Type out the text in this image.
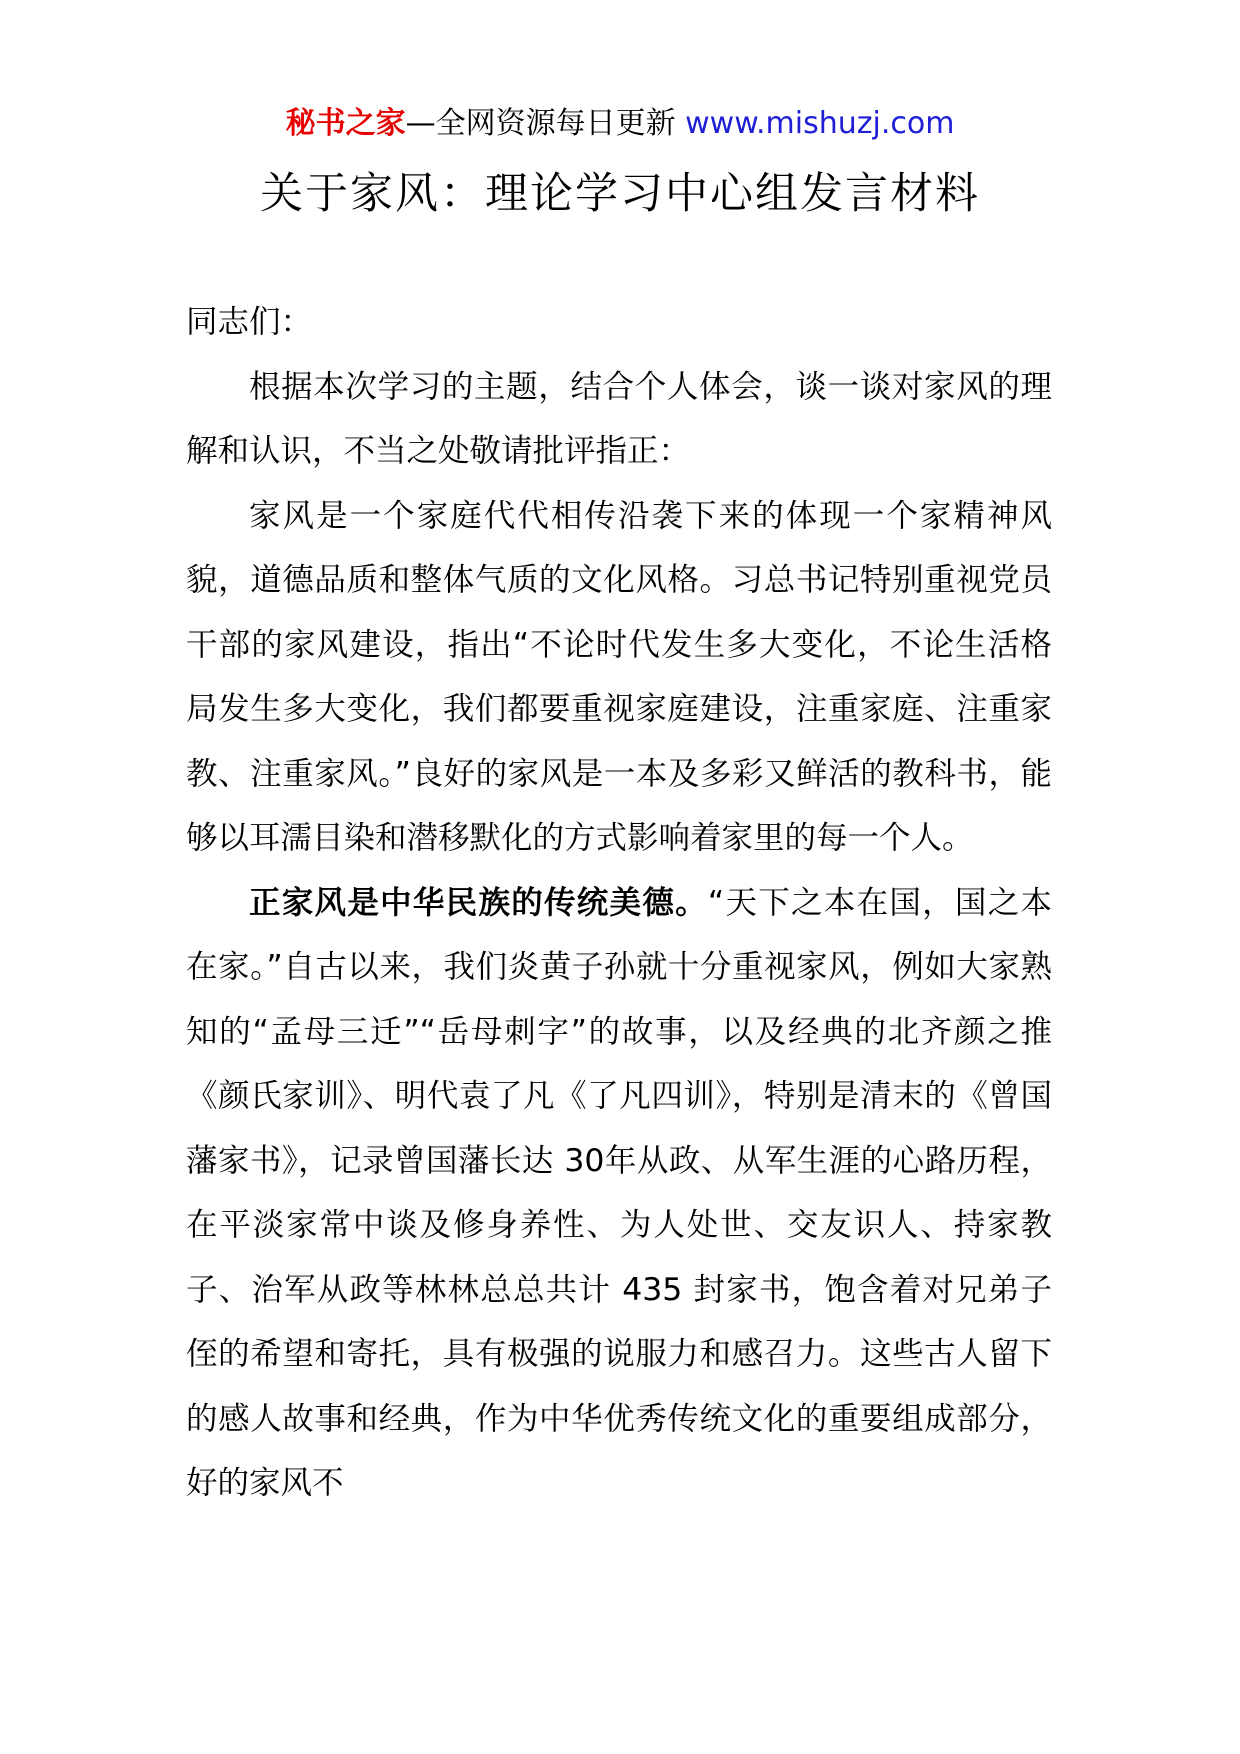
秘书之家—全网资源每日更新 www.mishuzj.com
关于家风：理论学习中心组发言材料

同志们：

根据本次学习的主题，结合个人体会，谈一谈对家风的理解和认识，不当之处敬请批评指正：

家风是一个家庭代代相传沿袭下来的体现一个家精神风貌，道德品质和整体气质的文化风格。习总书记特别重视党员干部的家风建设，指出“不论时代发生多大变化，不论生活格局发生多大变化，我们都要重视家庭建设，注重家庭、注重家教、注重家风。”良好的家风是一本及多彩又鲜活的教科书，能够以耳濡目染和潜移默化的方式影响着家里的每一个人。

正家风是中华民族的传统美德。“天下之本在国，国之本在家。”自古以来，我们炎黄子孙就十分重视家风，例如大家熟知的“孟母三迁”“岳母刺字”的故事，以及经典的北齐颜之推《颜氏家训》、明代袁了凡《了凡四训》，特别是清末的《曾国藩家书》，记录曾国藩长达 30年从政、从军生涯的心路历程，在平淡家常中谈及修身养性、为人处世、交友识人、持家教子、治军从政等林林总总共计 435 封家书，饱含着对兄弟子侄的希望和寄托，具有极强的说服力和感召力。这些古人留下的感人故事和经典，作为中华优秀传统文化的重要组成部分，好的家风不
